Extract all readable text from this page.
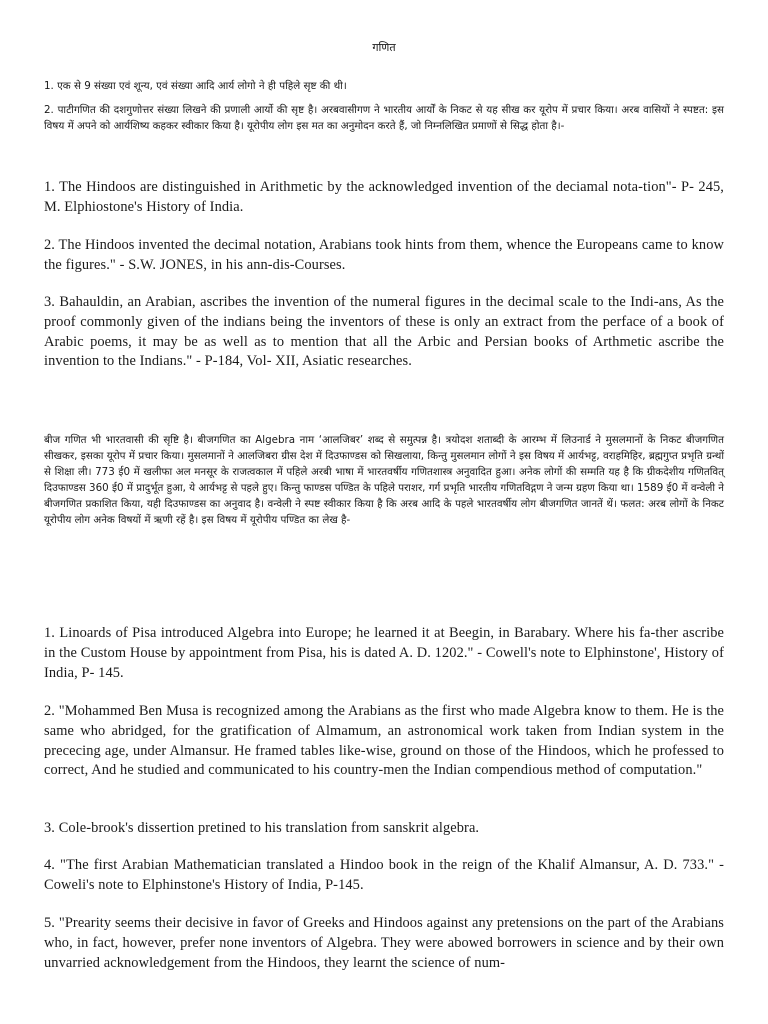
गणित

1. एक से 9 संख्या एवं शून्य, एवं संख्या आदि आर्य लोगो ने ही पहिले सृष्ट की थी।

2. पाटीगणित की दशगुणोत्तर संख्या लिखने की प्रणाली आर्यो की सृष्ट है। अरबवासीगण ने भारतीय आर्यों के निकट से यह सीख कर यूरोप में प्रचार किया। अरब वासियों ने स्पष्टत: इस विषय में अपने को आर्यशिष्य कहकर स्वीकार किया है। यूरोपीय लोग इस मत का अनुमोदन करते हैं, जो निम्नलिखित प्रमाणों से सिद्ध होता है।-

1. The Hindoos are distinguished in Arithmetic by the acknowledged invention of the deciamal nota-tion"- P- 245, M. Elphiostone's History of India.

2. The Hindoos invented the decimal notation, Arabians took hints from them, whence the Europeans came to know the figures." - S.W. JONES, in his ann-dis-Courses.

3. Bahauldin, an Arabian, ascribes the invention of the numeral figures in the decimal scale to the Indi-ans, As the proof commonly given of the indians being the inventors of these is only an extract from the perface of a book of Arabic poems, it may be as well as to mention that all the Arbic and Persian books of Arthmetic ascribe the invention to the Indians." - P-184, Vol- XII, Asiatic researches.

बीज गणित भी भारतवासी की सृष्टि है। बीजगणित का Algebra नाम ‘आलजिबर’ शब्द से समुत्पन्न है। त्रयोदश शताब्दी के आरम्भ में लिउनार्ड ने मुसलमानों के निकट बीजगणित सीखकर, इसका यूरोप में प्रचार किया। मुसलमानों ने आलजिबरा ग्रीस देश में दिउफाण्डस को सिखलाया, किन्तु मुसलमान लोगों ने इस विषय में आर्यभट्ट, वराहमिहिर, ब्रह्मगुप्त प्रभृति ग्रन्थों से शिक्षा ली। 773 ई0 में खलीफा अल मनसूर के राजत्वकाल में पहिले अरबी भाषा में भारतवर्षीय गणितशास्त्र अनुवादित हुआ। अनेक लोगों की सम्मति यह है कि ग्रीकदेशीय गणितवित् दिउफाण्डस 360 ई0 में प्रादुर्भूत हुआ, ये आर्यभट्ट से पहले हुए। किन्तु फाण्डस पण्डित के पहिले पराशर, गर्ग प्रभृति भारतीय गणितविद्गण ने जन्म ग्रहण किया था। 1589 ई0 में वन्वेली ने बीजगणित प्रकाशित किया, यही दिउफाण्डस का अनुवाद है। वन्वेली ने स्पष्ट स्वीकार किया है कि अरब आदि के पहले भारतवर्षीय लोग बीजगणित जानतें थें। फलत: अरब लोगों के निकट यूरोपीय लोग अनेक विषयों में ऋणी रहें है। इस विषय में यूरोपीय पण्डित का लेख है-

1. Linoards of Pisa introduced Algebra into Europe; he learned it at Beegin, in Barabary. Where his fa-ther ascribe in the Custom House by appointment from Pisa, his is dated A. D. 1202." - Cowell's note to Elphinstone', History of India, P- 145.

2. "Mohammed Ben Musa is recognized among the Arabians as the first who made Algebra know to them. He is the same who abridged, for the gratification of Almamum, an astronomical work taken from Indian system in the prececing age, under Almansur. He framed tables like-wise, ground on those of the Hindoos, which he professed to correct, And he studied and communicated to his country-men the Indian compendious method of computation."

3. Cole-brook's dissertion pretined to his translation from sanskrit algebra.

4. "The first Arabian Mathematician translated a Hindoo book in the reign of the Khalif Almansur, A. D. 733." - Coweli's note to Elphinstone's History of India, P-145.

5. "Prearity seems their decisive in favor of Greeks and Hindoos against any pretensions on the part of the Arabians who, in fact, however, prefer none inventors of Algebra. They were abowed borrowers in science and by their own unvarried acknowledgement from the Hindoos, they learnt the science of num-
